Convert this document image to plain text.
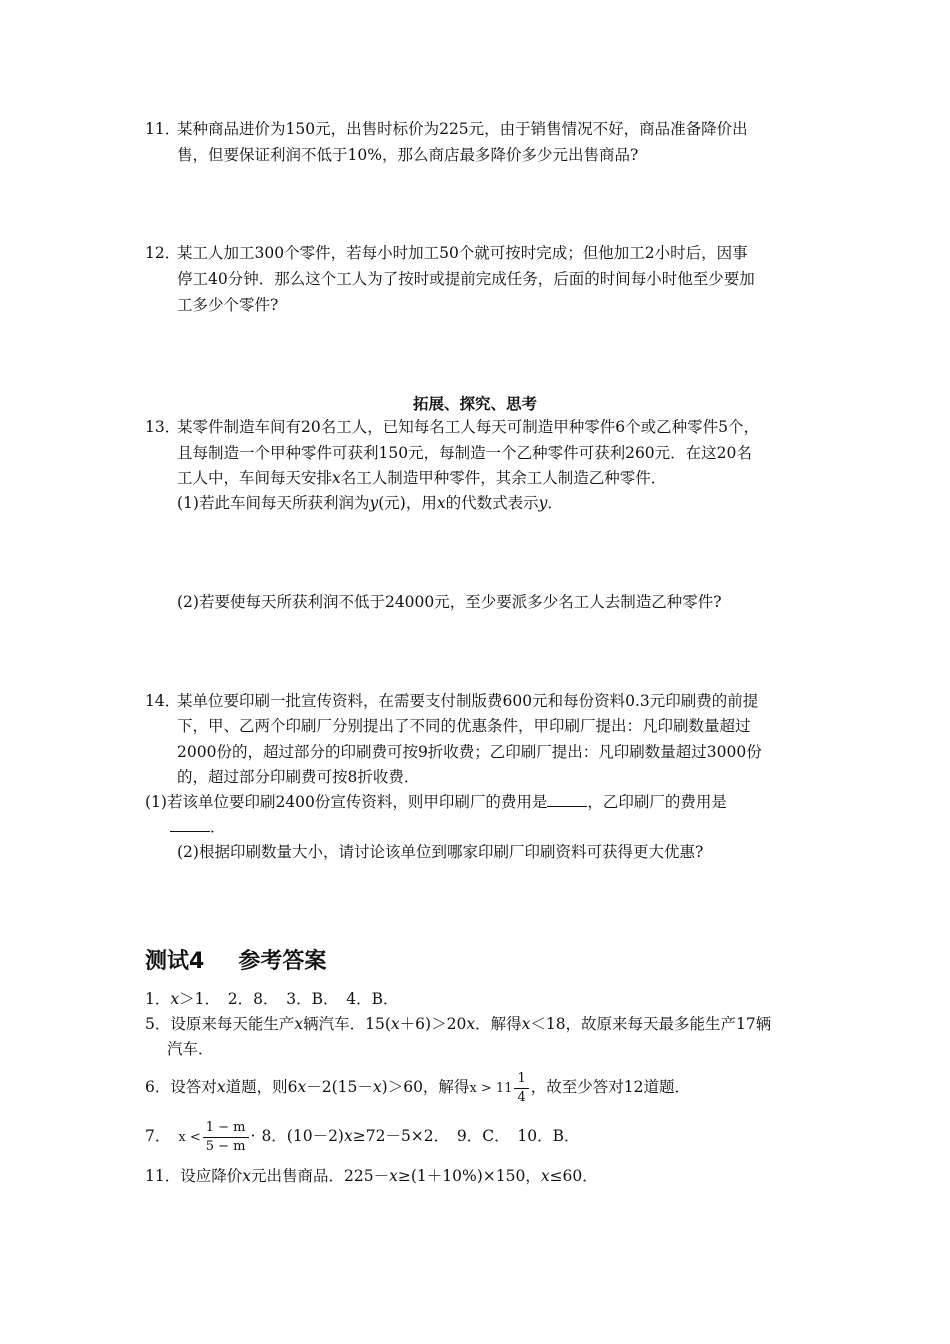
11．
某种商品进价为150元，出售时标价为225元，由于销售情况不好，商品准备降价出
售，但要保证利润不低于10%，那么商店最多降价多少元出售商品?
12．
某工人加工300个零件，若每小时加工50个就可按时完成；但他加工2小时后，因事
停工40分钟．那么这个工人为了按时或提前完成任务，后面的时间每小时他至少要加
工多少个零件?
拓展、探究、思考
13．
某零件制造车间有20名工人，已知每名工人每天可制造甲种零件6个或乙种零件5个，
且每制造一个甲种零件可获利150元，每制造一个乙种零件可获利260元．在这20名
工人中，车间每天安排x名工人制造甲种零件，其余工人制造乙种零件．
(1)若此车间每天所获利润为y(元)，用x的代数式表示y．
(2)若要使每天所获利润不低于24000元，至少要派多少名工人去制造乙种零件?
14．
某单位要印刷一批宣传资料，在需要支付制版费600元和每份资料0.3元印刷费的前提
下，甲、乙两个印刷厂分别提出了不同的优惠条件，甲印刷厂提出：凡印刷数量超过
2000份的，超过部分的印刷费可按9折收费；乙印刷厂提出：凡印刷数量超过3000份
的，超过部分印刷费可按8折收费．
(1)若该单位要印刷2400份宣传资料，则甲印刷厂的费用是	，乙印刷厂的费用是
．
(2)根据印刷数量大小，请讨论该单位到哪家印刷厂印刷资料可获得更大优惠?
测试4 参考答案
1．x＞1．　2．8．　3．B．　4．B．
5．设原来每天能生产x辆汽车．15(x＋6)＞20x．解得x＜18，故原来每天最多能生产17辆
汽车．
6．设答对x道题，则6x－2(15－x)＞60，解得$x > 11 \frac{1}{4}$ ，故至少答对12道题．
7． $x < \frac{1 - m}{5 - m} \cdot 8$．(10－2)x≥72－5×2．　9．C．　10．B．
11．设应降价x元出售商品．225－x≥(1＋10%)×150，x≤60．
